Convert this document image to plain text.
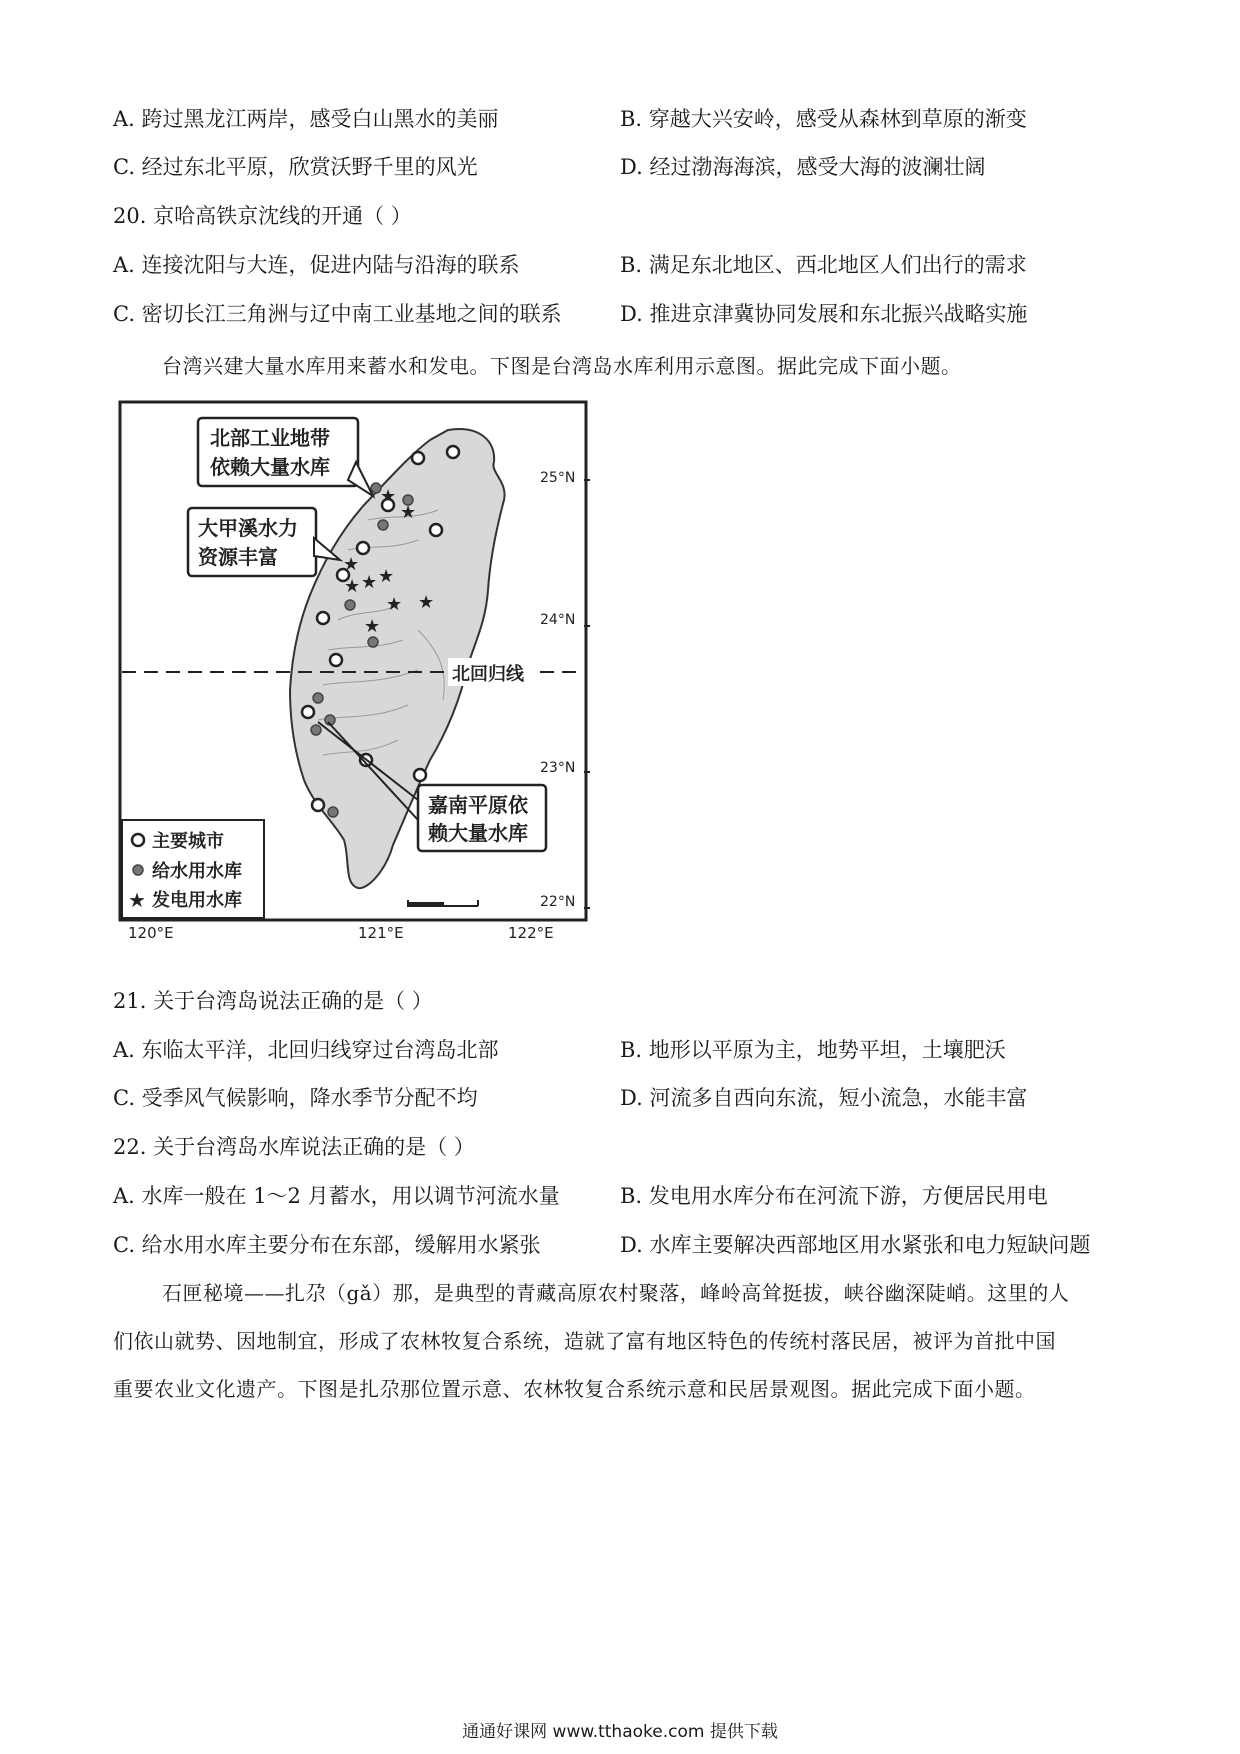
A. 跨过黑龙江两岸，感受白山黑水的美丽	B. 穿越大兴安岭，感受从森林到草原的渐变
C. 经过东北平原，欣赏沃野千里的风光	D. 经过渤海海滨，感受大海的波澜壮阔
20. 京哈高铁京沈线的开通（ ）
A. 连接沈阳与大连，促进内陆与沿海的联系	B. 满足东北地区、西北地区人们出行的需求
C. 密切长江三角洲与辽中南工业基地之间的联系	D. 推进京津冀协同发展和东北振兴战略实施
台湾兴建大量水库用来蓄水和发电。下图是台湾岛水库利用示意图。据此完成下面小题。
北回归线
★
★
★
★ ★ ★
★ ★
★
北部工业地带
依赖大量水库
大甲溪水力
资源丰富
嘉南平原依
赖大量水库
主要城市
给水用水库
★ 发电用水库
25°N
24°N
23°N
22°N
120°E	121°E	122°E
21. 关于台湾岛说法正确的是（ ）
A. 东临太平洋，北回归线穿过台湾岛北部	B. 地形以平原为主，地势平坦，土壤肥沃
C. 受季风气候影响，降水季节分配不均	D. 河流多自西向东流，短小流急，水能丰富
22. 关于台湾岛水库说法正确的是（ ）
A. 水库一般在 1～2 月蓄水，用以调节河流水量	B. 发电用水库分布在河流下游，方便居民用电
C. 给水用水库主要分布在东部，缓解用水紧张	D. 水库主要解决西部地区用水紧张和电力短缺问题
石匣秘境——扎尕（gǎ）那，是典型的青藏高原农村聚落，峰岭高耸挺拔，峡谷幽深陡峭。这里的人
们依山就势、因地制宜，形成了农林牧复合系统，造就了富有地区特色的传统村落民居，被评为首批中国
重要农业文化遗产。下图是扎尕那位置示意、农林牧复合系统示意和民居景观图。据此完成下面小题。
通通好课网 www.tthaoke.com 提供下载
